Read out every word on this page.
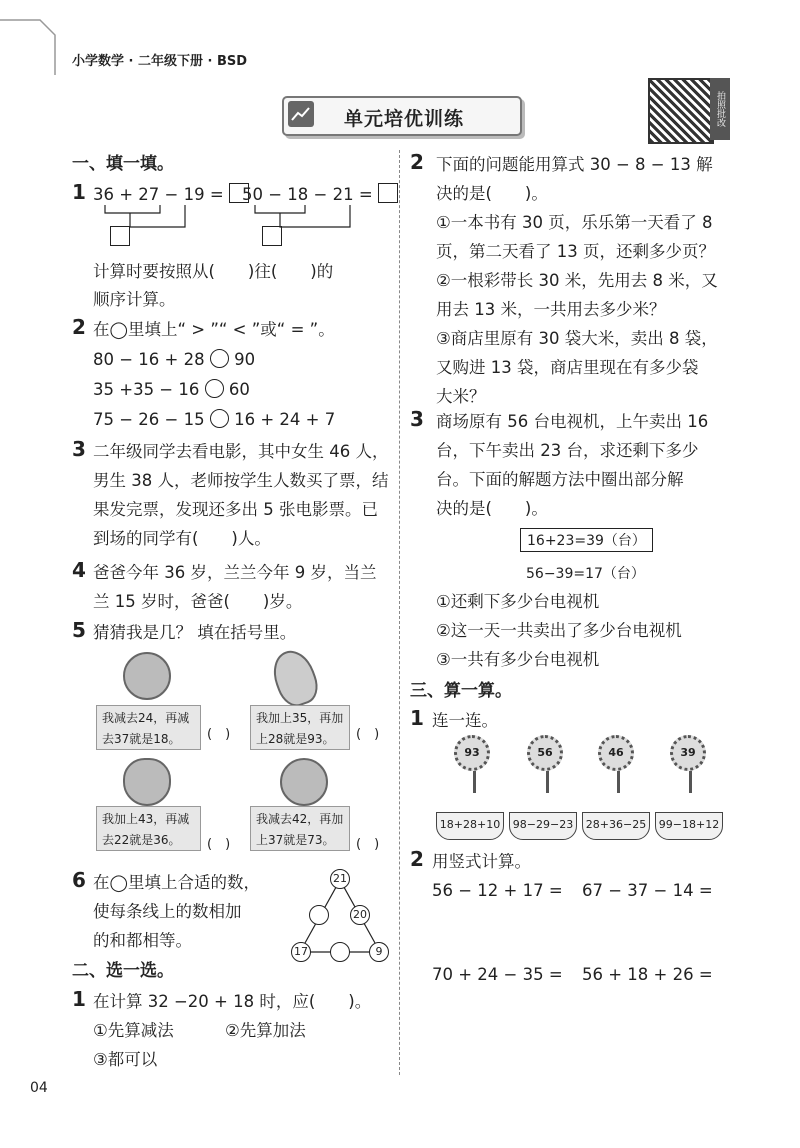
小学数学 · 二年级下册 · BSD
单元培优训练	拍照批改
一、填一填。
1 36 + 27 − 19 =	50 − 18 − 21 =
计算时要按照从(　　)往(　　)的
顺序计算。
2 在◯里填上“ > ”“ < ”或“ = ”。
80 − 16 + 28 90
35 +35 − 16 60
75 − 26 − 15 16 + 24 + 7
3 二年级同学去看电影，其中女生 46 人，
男生 38 人，老师按学生人数买了票，结
果发完票，发现还多出 5 张电影票。已
到场的同学有(　　)人。
4 爸爸今年 36 岁，兰兰今年 9 岁，当兰
兰 15 岁时，爸爸(　　)岁。
5 猜猜我是几？ 填在括号里。
我减去24，再减
去37就是18。	(　)
我加上35，再加
上28就是93。	(　)
我加上43，再减
去22就是36。	(　)
我减去42，再加
上37就是73。	(　)
6 在◯里填上合适的数，
使每条线上的数相加
的和都相等。
21
20
17	9
二、选一选。
1 在计算 32 −20 + 18 时，应(　　)。
①先算减法	②先算加法
③都可以
2 下面的问题能用算式 30 − 8 − 13 解
决的是(　　)。
①一本书有 30 页，乐乐第一天看了 8
页，第二天看了 13 页，还剩多少页？
②一根彩带长 30 米，先用去 8 米，又
用去 13 米，一共用去多少米？
③商店里原有 30 袋大米，卖出 8 袋，
又购进 13 袋，商店里现在有多少袋
大米？
3 商场原有 56 台电视机，上午卖出 16
台，下午卖出 23 台，求还剩下多少
台。下面的解题方法中圈出部分解
决的是(　　)。
16+23=39（台）
56−39=17（台）
①还剩下多少台电视机
②这一天一共卖出了多少台电视机
③一共有多少台电视机
三、算一算。
1 连一连。
93	56	46	39
18+28+10	98−29−23	28+36−25	99−18+12
2 用竖式计算。
56 − 12 + 17 = 67 − 37 − 14 =
70 + 24 − 35 = 56 + 18 + 26 =
04
